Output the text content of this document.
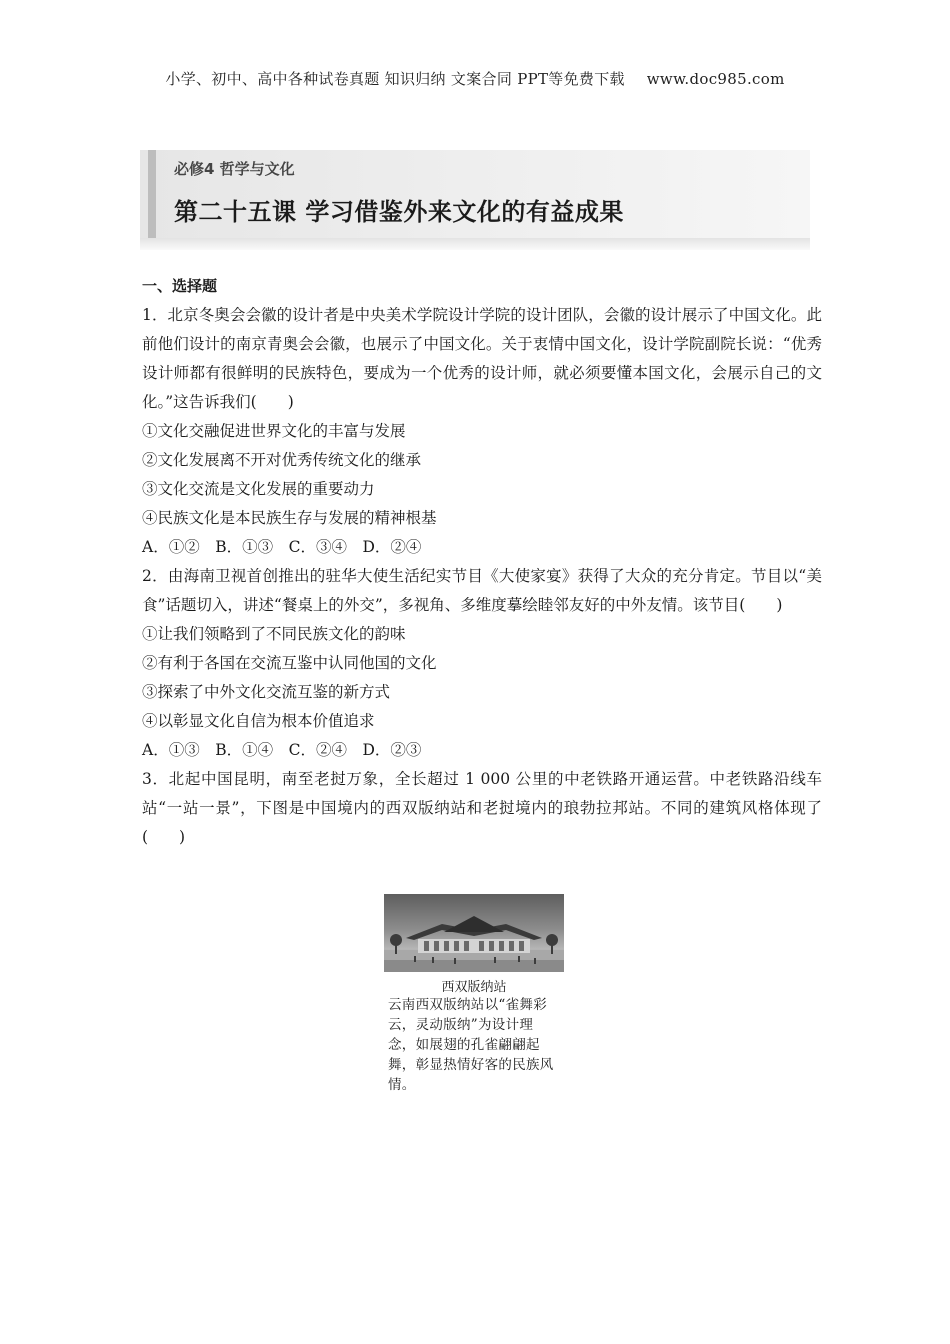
小学、初中、高中各种试卷真题 知识归纳 文案合同 PPT等免费下载 www.doc985.com
必修4 哲学与文化
第二十五课 学习借鉴外来文化的有益成果
一、选择题
1．北京冬奥会会徽的设计者是中央美术学院设计学院的设计团队，会徽的设计展示了中国文化。此前他们设计的南京青奥会会徽，也展示了中国文化。关于衷情中国文化，设计学院副院长说：“优秀设计师都有很鲜明的民族特色，要成为一个优秀的设计师，就必须要懂本国文化，会展示自己的文化。”这告诉我们(　　)
①文化交融促进世界文化的丰富与发展
②文化发展离不开对优秀传统文化的继承
③文化交流是文化发展的重要动力
④民族文化是本民族生存与发展的精神根基
A．①②　B．①③　C．③④　D．②④
2．由海南卫视首创推出的驻华大使生活纪实节目《大使家宴》获得了大众的充分肯定。节目以“美食”话题切入，讲述“餐桌上的外交”，多视角、多维度摹绘睦邻友好的中外友情。该节目(　　)
①让我们领略到了不同民族文化的韵味
②有利于各国在交流互鉴中认同他国的文化
③探索了中外文化交流互鉴的新方式
④以彰显文化自信为根本价值追求
A．①③　B．①④　C．②④　D．②③
3．北起中国昆明，南至老挝万象，全长超过 1 000 公里的中老铁路开通运营。中老铁路沿线车站“一站一景”，下图是中国境内的西双版纳站和老挝境内的琅勃拉邦站。不同的建筑风格体现了(　　)
西双版纳站
云南西双版纳站以“雀舞彩云，灵动版纳”为设计理念，如展翅的孔雀翩翩起舞，彰显热情好客的民族风情。
